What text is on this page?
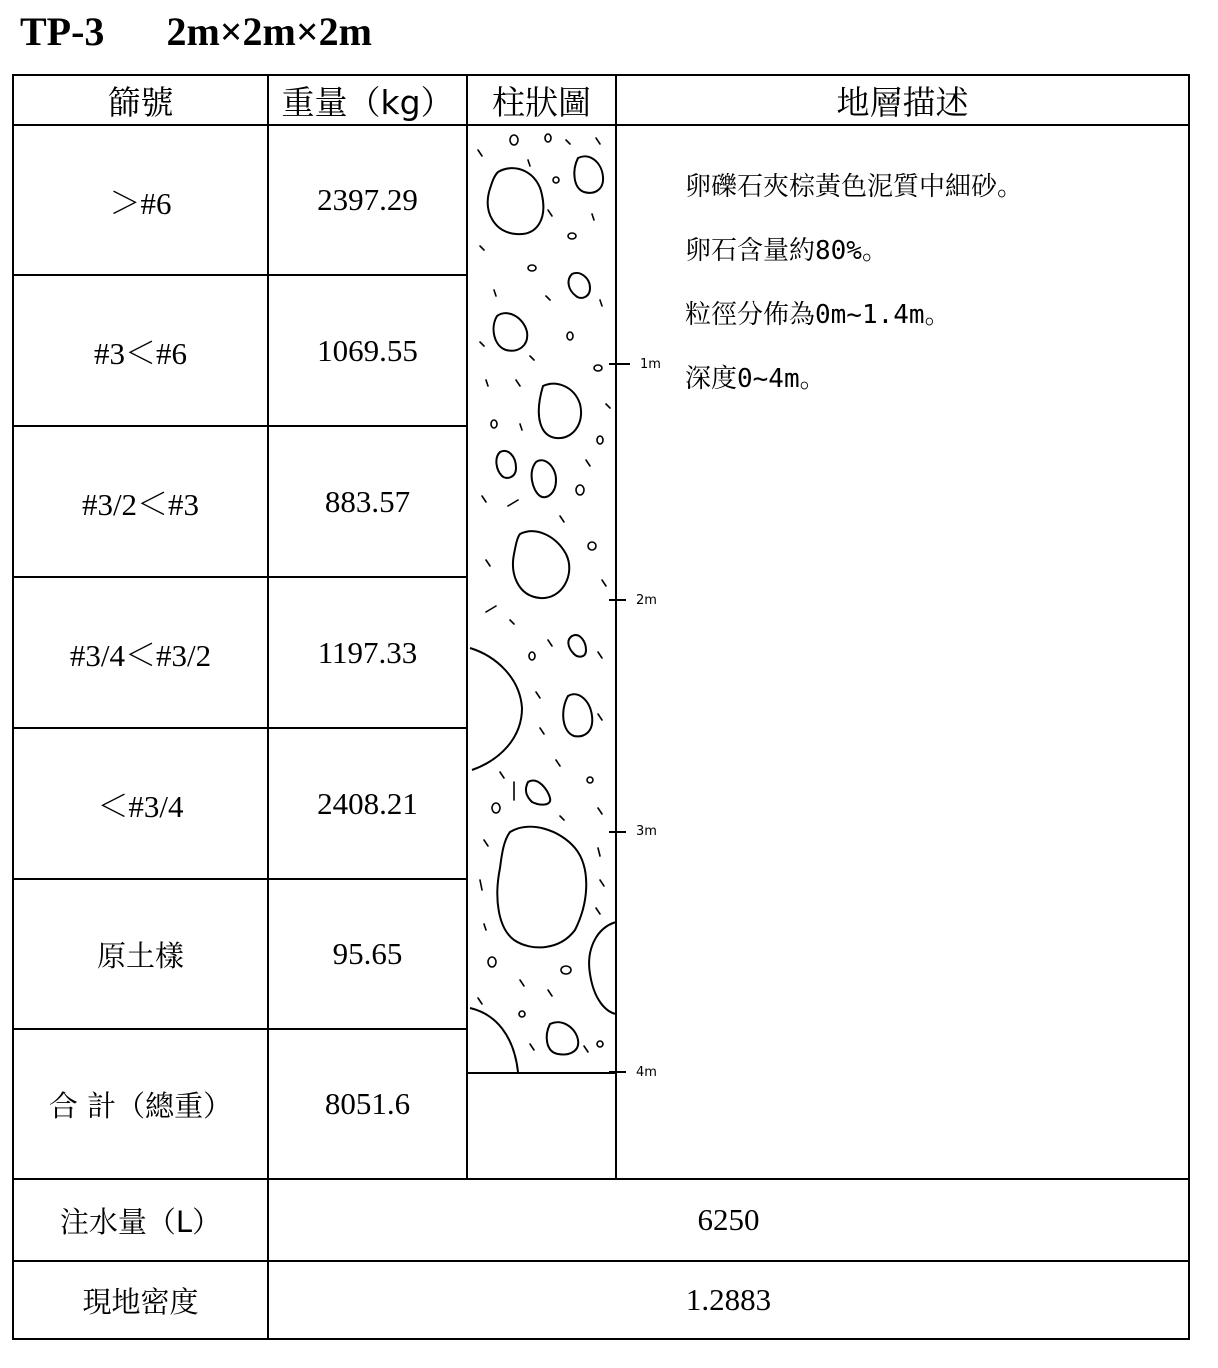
TP-3 2m×2m×2m
篩號	重量（kg）	柱狀圖	地層描述
＞#6	2397.29
#3＜#6	1069.55
#3/2＜#3	883.57
#3/4＜#3/2	1197.33
＜#3/4	2408.21
原土樣	95.65
合 計（總重）	8051.6
注水量（L）	6250
現地密度	1.2883
卵礫石夾棕黃色泥質中細砂。
卵石含量約80%。
粒徑分佈為0m~1.4m。
深度0~4m。
1m
2m
3m
4m
